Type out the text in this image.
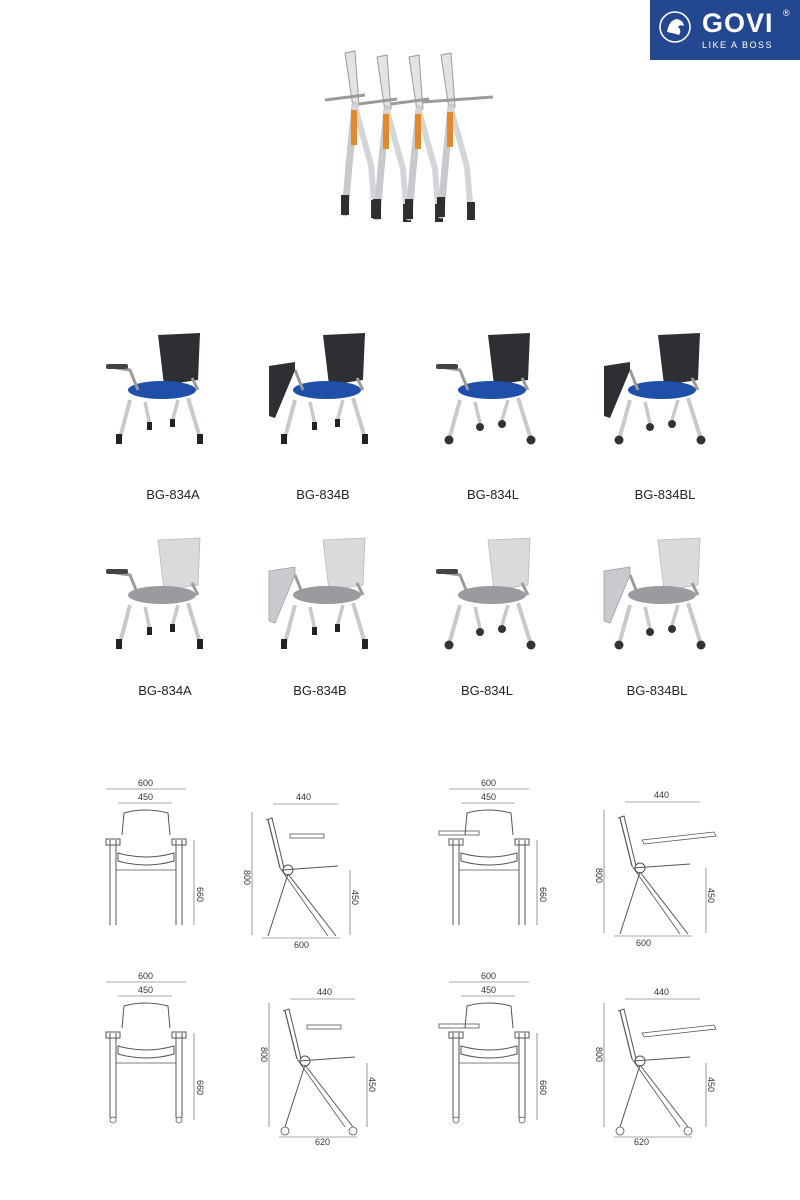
GOVI ®
LIKE A BOSS
BG-834A	BG-834B	BG-834L	BG-834BL
BG-834A	BG-834B	BG-834L	BG-834BL
600
450
660
440
800
450
600
600
450
660
440
800
450
600
600
450
660
440
800
450
620
600
450
660
440
800
450
620
